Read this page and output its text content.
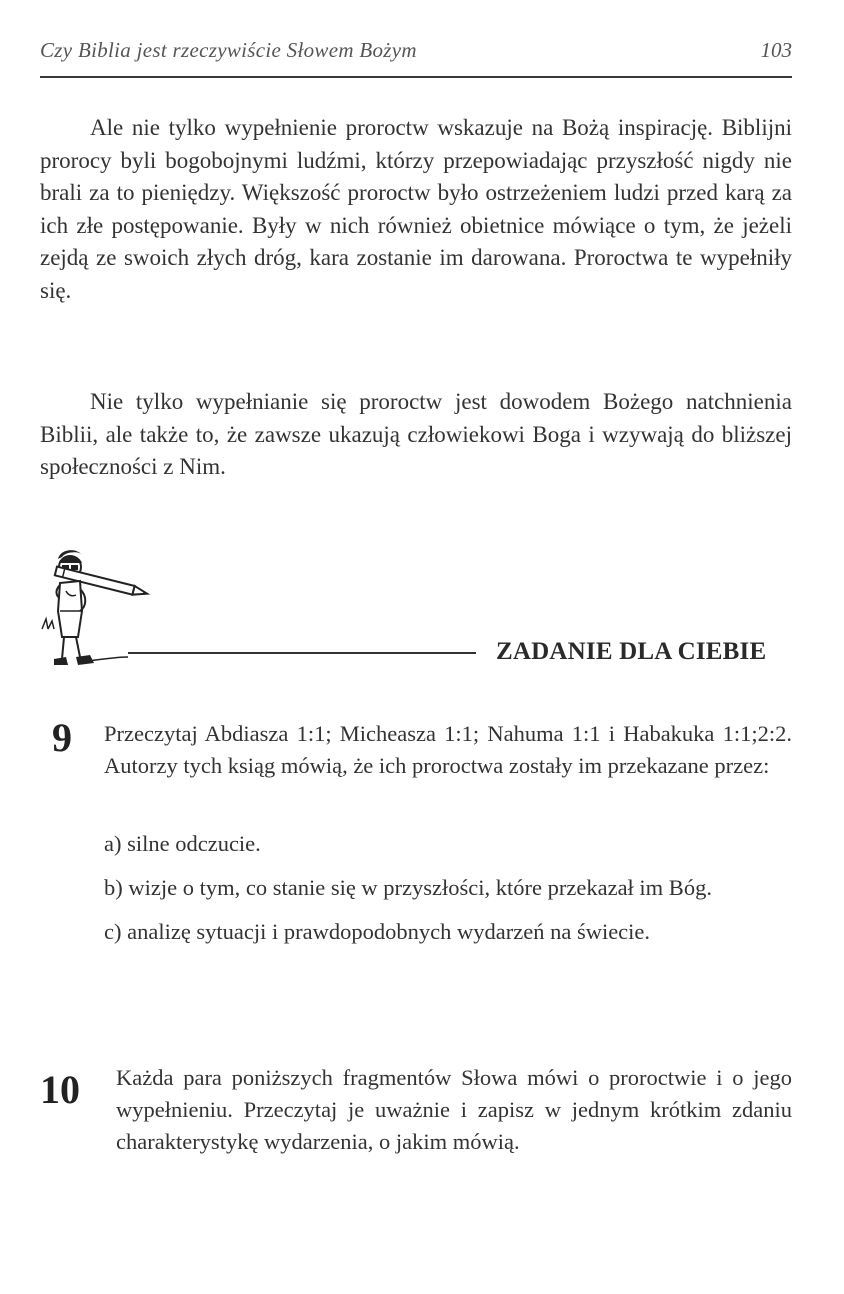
Czy Biblia jest rzeczywiście Słowem Bożym	103

Ale nie tylko wypełnienie proroctw wskazuje na Bożą inspirację. Biblijni prorocy byli bogobojnymi ludźmi, którzy przepowiadając przyszłość nigdy nie brali za to pieniędzy. Większość proroctw było ostrzeżeniem ludzi przed karą za ich złe postępowanie. Były w nich również obietnice mówiące o tym, że jeżeli zejdą ze swoich złych dróg, kara zostanie im darowana. Proroctwa te wypełniły się.

Nie tylko wypełnianie się proroctw jest dowodem Bożego natchnienia Biblii, ale także to, że zawsze ukazują człowiekowi Boga i wzywają do bliższej społeczności z Nim.

ZADANIE DLA CIEBIE
9 Przeczytaj Abdiasza 1:1; Micheasza 1:1; Nahuma 1:1 i Habakuka 1:1;2:2. Autorzy tych ksiąg mówią, że ich proroctwa zostały im przekazane przez:

a) silne odczucie.
b) wizje o tym, co stanie się w przyszłości, które przekazał im Bóg.
c) analizę sytuacji i prawdopodobnych wydarzeń na świecie.
10 Każda para poniższych fragmentów Słowa mówi o proroctwie i o jego wypełnieniu. Przeczytaj je uważnie i zapisz w jednym krótkim zdaniu charakterystykę wydarzenia, o jakim mówią.
